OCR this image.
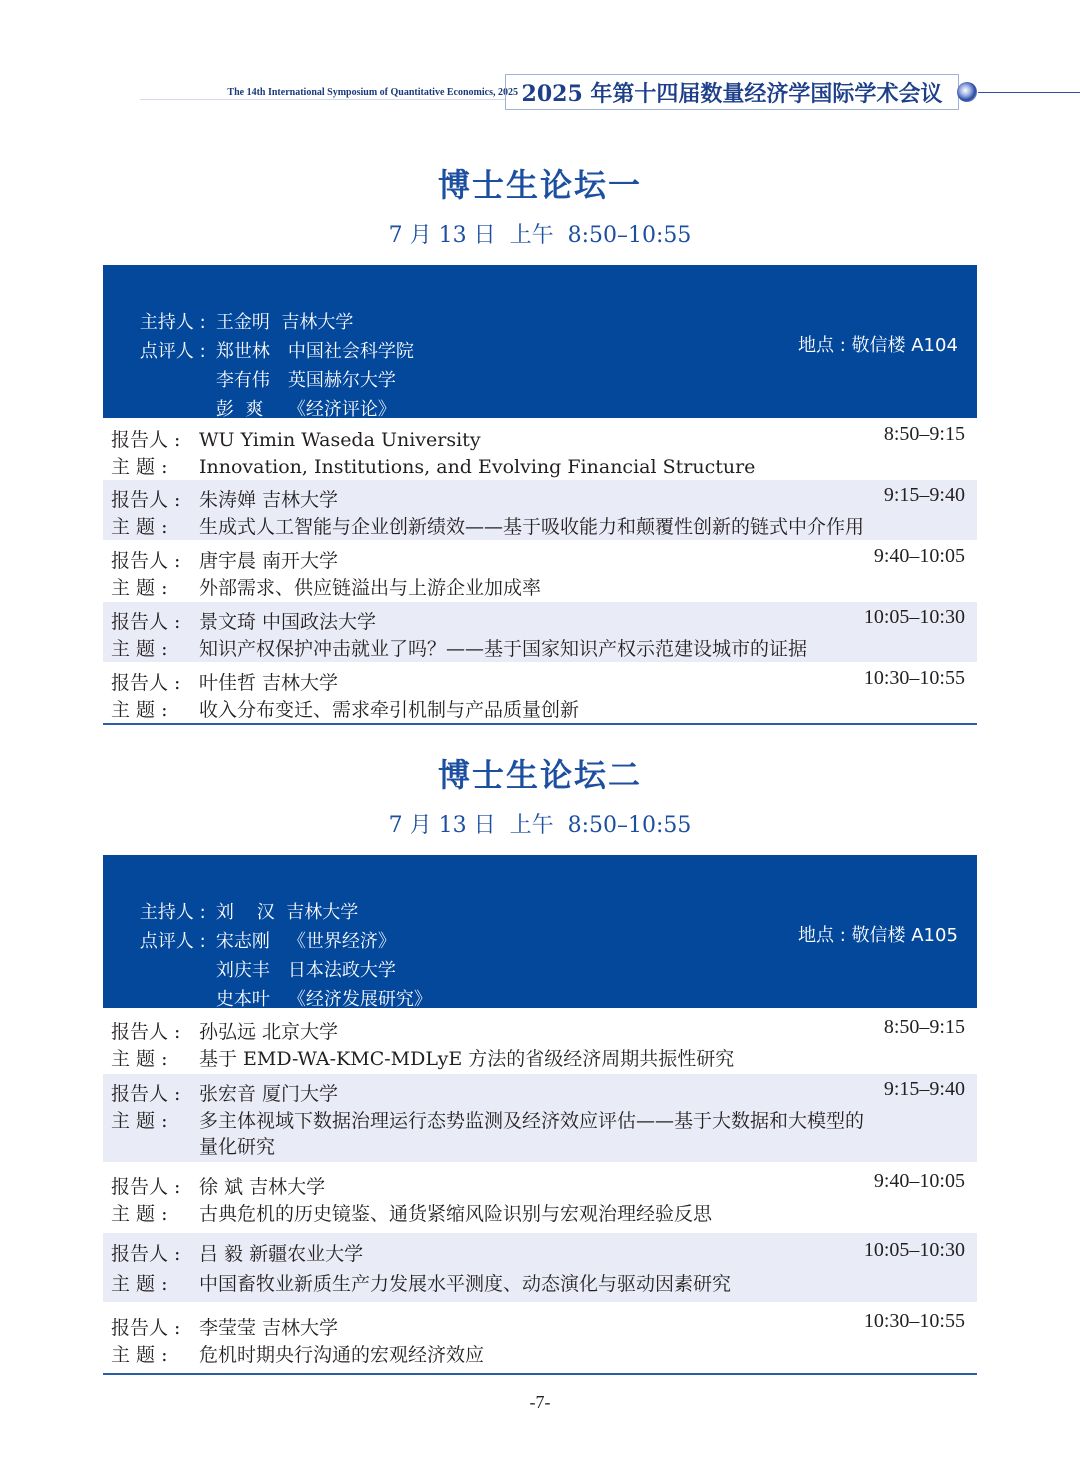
The 14th International Symposium of Quantitative Economics, 2025 2025 年第十四届数量经济学国际学术会议
博士生论坛一
7 月 13 日  上午  8:50–10:55

主持人 : 王金明  吉林大学

点评人 : 郑世林 中国社会科学院

李有伟 英国赫尔大学

彭  爽 《经济评论》

地点 : 敬信楼 A104
报告人 : WU Yimin Waseda University
主 题 : Innovation, Institutions, and Evolving Financial Structure
8:50–9:15
报告人 : 朱涛婵 吉林大学
主 题 : 生成式人工智能与企业创新绩效——基于吸收能力和颠覆性创新的链式中介作用
9:15–9:40
报告人 : 唐宇晨 南开大学
主 题 : 外部需求、供应链溢出与上游企业加成率
9:40–10:05
报告人 : 景文琦 中国政法大学
主 题 : 知识产权保护冲击就业了吗？——基于国家知识产权示范建设城市的证据
10:05–10:30
报告人 : 叶佳哲 吉林大学
主 题 : 收入分布变迁、需求牵引机制与产品质量创新
10:30–10:55
博士生论坛二
7 月 13 日  上午  8:50–10:55

主持人 : 刘    汉  吉林大学

点评人 : 宋志刚 《世界经济》

刘庆丰 日本法政大学

史本叶 《经济发展研究》

地点 : 敬信楼 A105
报告人 : 孙弘远 北京大学
主 题 : 基于 EMD-WA-KMC-MDLyE 方法的省级经济周期共振性研究
8:50–9:15
报告人 : 张宏音 厦门大学
主 题 : 多主体视域下数据治理运行态势监测及经济效应评估——基于大数据和大模型的
量化研究
9:15–9:40
报告人 : 徐 斌 吉林大学
主 题 : 古典危机的历史镜鉴、通货紧缩风险识别与宏观治理经验反思
9:40–10:05
报告人 : 吕 毅 新疆农业大学
主 题 : 中国畜牧业新质生产力发展水平测度、动态演化与驱动因素研究
10:05–10:30
报告人 : 李莹莹 吉林大学
主 题 : 危机时期央行沟通的宏观经济效应
10:30–10:55
-7-
